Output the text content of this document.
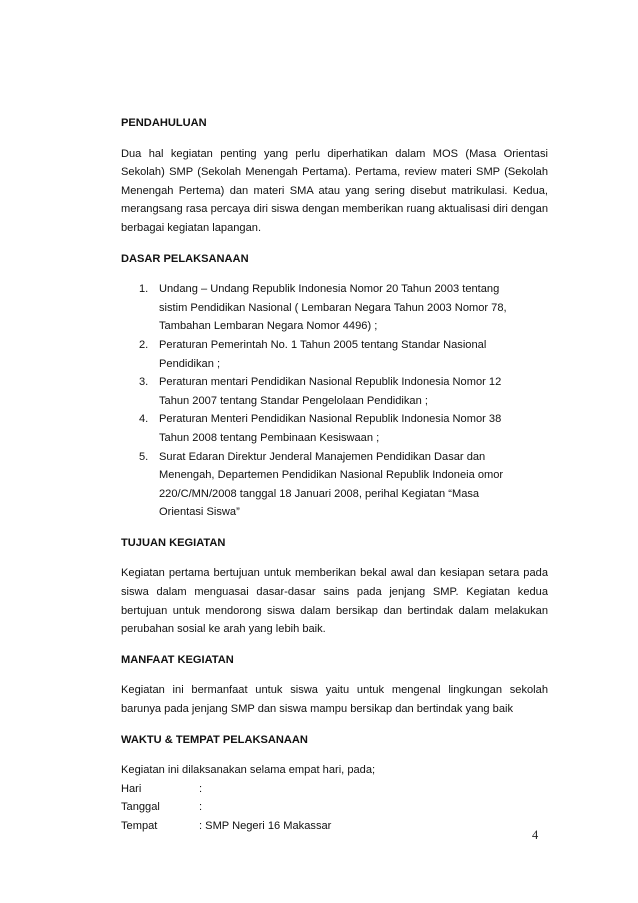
PENDAHULUAN

Dua hal kegiatan penting yang perlu diperhatikan dalam MOS (Masa Orientasi Sekolah) SMP (Sekolah Menengah Pertama). Pertama, review materi SMP (Sekolah Menengah Pertema) dan materi SMA atau yang sering disebut matrikulasi. Kedua, merangsang rasa percaya diri siswa dengan memberikan ruang aktualisasi diri dengan berbagai kegiatan lapangan.

DASAR PELAKSANAAN

1. Undang – Undang Republik Indonesia Nomor 20 Tahun 2003 tentang
sistim Pendidikan Nasional ( Lembaran Negara Tahun 2003 Nomor 78,
Tambahan Lembaran Negara Nomor 4496) ;
2. Peraturan Pemerintah No. 1 Tahun 2005 tentang Standar Nasional
Pendidikan ;
3. Peraturan mentari Pendidikan Nasional Republik Indonesia Nomor 12
Tahun 2007 tentang Standar Pengelolaan Pendidikan ;
4. Peraturan Menteri Pendidikan Nasional Republik Indonesia Nomor 38
Tahun 2008 tentang Pembinaan Kesiswaan ;
5. Surat Edaran Direktur Jenderal Manajemen Pendidikan Dasar dan
Menengah, Departemen Pendidikan Nasional Republik Indoneia omor
220/C/MN/2008 tanggal 18 Januari 2008, perihal Kegiatan “Masa
Orientasi Siswa”

TUJUAN KEGIATAN

Kegiatan pertama bertujuan untuk memberikan bekal awal dan kesiapan setara pada siswa dalam menguasai dasar-dasar sains pada jenjang SMP. Kegiatan kedua bertujuan untuk mendorong siswa dalam bersikap dan bertindak dalam melakukan perubahan sosial ke arah yang lebih baik.

MANFAAT KEGIATAN

Kegiatan ini bermanfaat untuk siswa yaitu untuk mengenal lingkungan sekolah barunya pada jenjang SMP dan siswa mampu bersikap dan bertindak yang baik

WAKTU & TEMPAT PELAKSANAAN

Kegiatan ini dilaksanakan selama empat hari, pada;

Hari	:
Tanggal	:
Tempat	: SMP Negeri 16 Makassar
4
